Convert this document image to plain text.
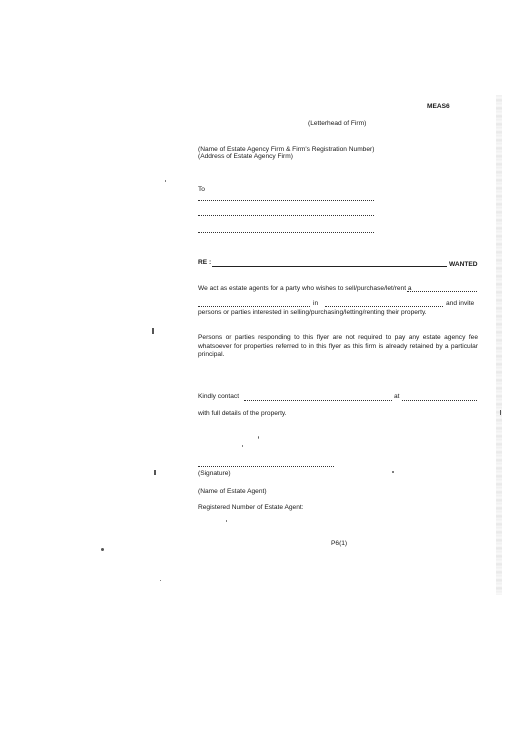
MEAS6
(Letterhead of Firm)
(Name of Estate Agency Firm & Firm's Registration Number)
(Address of Estate Agency Firm)
To
RE :	WANTED
We act as estate agents for a party who wishes to sell/purchase/let/rent a
in	and invite
persons or parties interested in selling/purchasing/letting/renting their property.
Persons or parties responding to this flyer are not required to pay any estate agency fee whatsoever for properties referred to in this flyer as this firm is already retained by a particular principal.
Kindly contact	at
with full details of the property.
(Signature)
(Name of Estate Agent)
Registered Number of Estate Agent:
P6(1)
